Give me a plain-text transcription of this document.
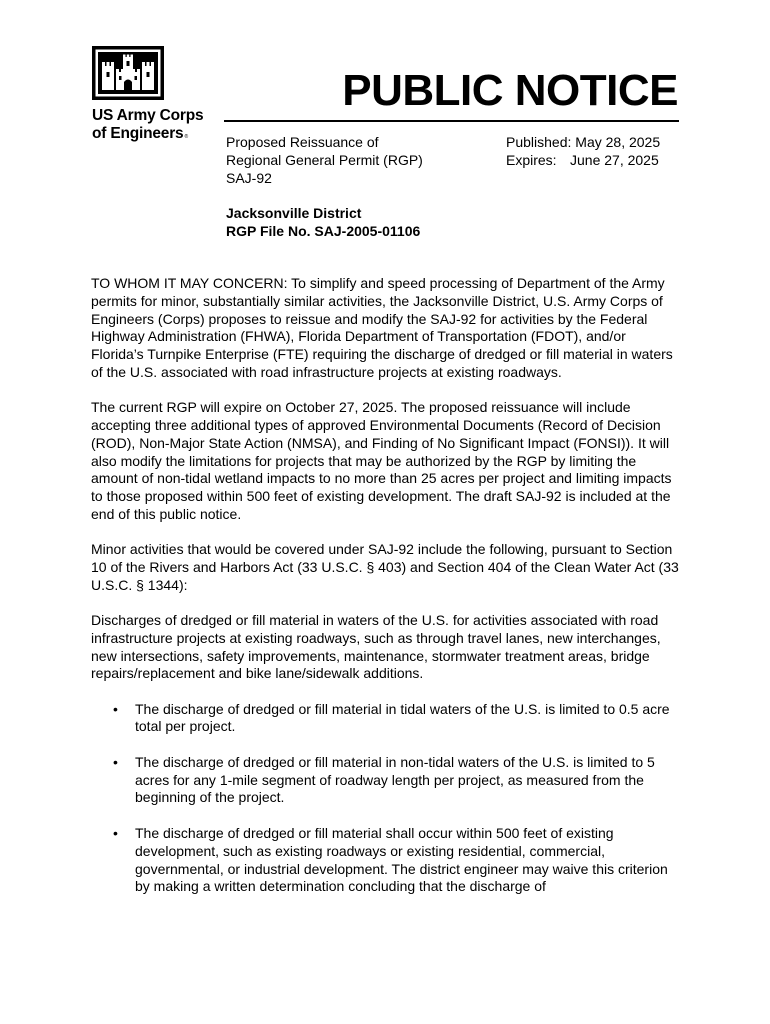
US Army Corps
of Engineers®
PUBLIC NOTICE
Proposed Reissuance of
Regional General Permit (RGP)
SAJ-92
Published: May 28, 2025
Expires: June 27, 2025
Jacksonville District
RGP File No. SAJ-2005-01106

TO WHOM IT MAY CONCERN: To simplify and speed processing of Department of the Army permits for minor, substantially similar activities, the Jacksonville District, U.S. Army Corps of Engineers (Corps) proposes to reissue and modify the SAJ-92 for activities by the Federal Highway Administration (FHWA), Florida Department of Transportation (FDOT), and/or Florida’s Turnpike Enterprise (FTE) requiring the discharge of dredged or fill material in waters of the U.S. associated with road infrastructure projects at existing roadways.

The current RGP will expire on October 27, 2025. The proposed reissuance will include accepting three additional types of approved Environmental Documents (Record of Decision (ROD), Non-Major State Action (NMSA), and Finding of No Significant Impact (FONSI)). It will also modify the limitations for projects that may be authorized by the RGP by limiting the amount of non-tidal wetland impacts to no more than 25 acres per project and limiting impacts to those proposed within 500 feet of existing development. The draft SAJ-92 is included at the end of this public notice.

Minor activities that would be covered under SAJ-92 include the following, pursuant to Section 10 of the Rivers and Harbors Act (33 U.S.C. § 403) and Section 404 of the Clean Water Act (33 U.S.C. § 1344):

Discharges of dredged or fill material in waters of the U.S. for activities associated with road infrastructure projects at existing roadways, such as through travel lanes, new interchanges, new intersections, safety improvements, maintenance, stormwater treatment areas, bridge repairs/replacement and bike lane/sidewalk additions.

• The discharge of dredged or fill material in tidal waters of the U.S. is limited to 0.5 acre total per project.
• The discharge of dredged or fill material in non-tidal waters of the U.S. is limited to 5 acres for any 1-mile segment of roadway length per project, as measured from the beginning of the project.
• The discharge of dredged or fill material shall occur within 500 feet of existing development, such as existing roadways or existing residential, commercial, governmental, or industrial development. The district engineer may waive this criterion by making a written determination concluding that the discharge of
